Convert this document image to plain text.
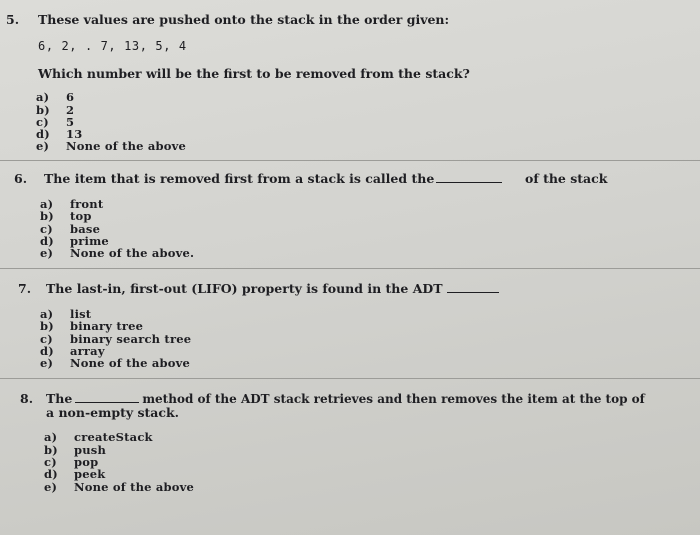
5. These values are pushed onto the stack in the order given:
6, 2, . 7, 13, 5, 4
Which number will be the first to be removed from the stack?
a) 6
b) 2
c) 5
d) 13
e) None of the above
6. The item that is removed first from a stack is called the	of the stack
a) front
b) top
c) base
d) prime
e) None of the above.
7. The last-in, first-out (LIFO) property is found in the ADT
a) list
b) binary tree
c) binary search tree
d) array
e) None of the above
8. The	method of the ADT stack retrieves and then removes the item at the top of
a non-empty stack.
a) createStack
b) push
c) pop
d) peek
e) None of the above
